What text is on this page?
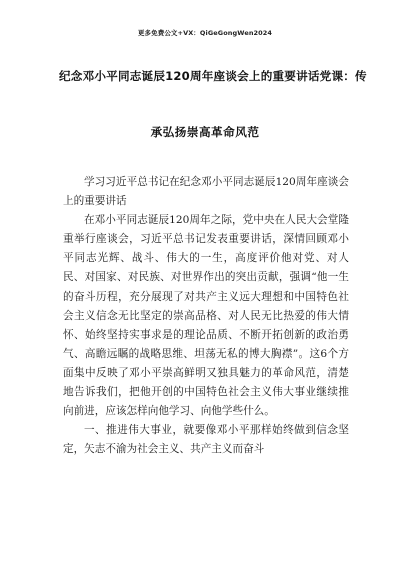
更多免费公文+VX：QiGeGongWen2024
纪念邓小平同志诞辰120周年座谈会上的重要讲话党课：传
承弘扬崇高革命风范

学习习近平总书记在纪念邓小平同志诞辰120周年座谈会上的重要讲话

在邓小平同志诞辰120周年之际，党中央在人民大会堂隆重举行座谈会，习近平总书记发表重要讲话，深情回顾邓小平同志光辉、战斗、伟大的一生，高度评价他对党、对人民、对国家、对民族、对世界作出的突出贡献，强调“他一生的奋斗历程，充分展现了对共产主义远大理想和中国特色社会主义信念无比坚定的崇高品格、对人民无比热爱的伟大情怀、始终坚持实事求是的理论品质、不断开拓创新的政治勇气、高瞻远瞩的战略思维、坦荡无私的博大胸襟”。这6个方面集中反映了邓小平崇高鲜明又独具魅力的革命风范，清楚地告诉我们，把他开创的中国特色社会主义伟大事业继续推向前进，应该怎样向他学习、向他学些什么。

一、推进伟大事业，就要像邓小平那样始终做到信念坚定，矢志不渝为社会主义、共产主义而奋斗
